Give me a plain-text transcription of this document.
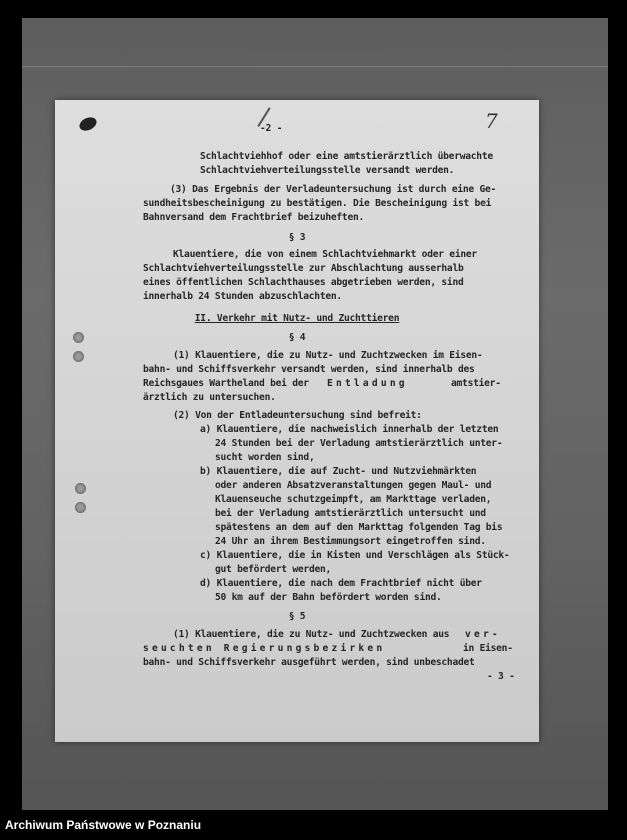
-2 -	7
Schlachtviehhof oder eine amtstierärztlich überwachte
Schlachtviehverteilungsstelle versandt werden.
(3) Das Ergebnis der Verladeuntersuchung ist durch eine Ge-
sundheitsbescheinigung zu bestätigen. Die Bescheinigung ist bei
Bahnversand dem Frachtbrief beizuheften.
§ 3
Klauentiere, die von einem Schlachtviehmarkt oder einer
Schlachtviehverteilungsstelle zur Abschlachtung ausserhalb
eines öffentlichen Schlachthauses abgetrieben werden, sind
innerhalb 24 Stunden abzuschlachten.
II. Verkehr mit Nutz- und Zuchttieren
§ 4
(1) Klauentiere, die zu Nutz- und Zuchtzwecken im Eisen-
bahn- und Schiffsverkehr versandt werden, sind innerhalb des
Reichsgaues Wartheland bei der Entladung	amtstier-
ärztlich zu untersuchen.
(2) Von der Entladeuntersuchung sind befreit:
a) Klauentiere, die nachweislich innerhalb der letzten
24 Stunden bei der Verladung amtstierärztlich unter-
sucht worden sind,
b) Klauentiere, die auf Zucht- und Nutzviehmärkten
oder anderen Absatzveranstaltungen gegen Maul- und
Klauenseuche schutzgeimpft, am Markttage verladen,
bei der Verladung amtstierärztlich untersucht und
spätestens an dem auf den Markttag folgenden Tag bis
24 Uhr an ihrem Bestimmungsort eingetroffen sind.
c) Klauentiere, die in Kisten und Verschlägen als Stück-
gut befördert werden,
d) Klauentiere, die nach dem Frachtbrief nicht über
50 km auf der Bahn befördert worden sind.
§ 5
(1) Klauentiere, die zu Nutz- und Zuchtzwecken aus ver-
seuchten Regierungsbezirken	in Eisen-
bahn- und Schiffsverkehr ausgeführt werden, sind unbeschadet
- 3 -
Archiwum Państwowe w Poznaniu
